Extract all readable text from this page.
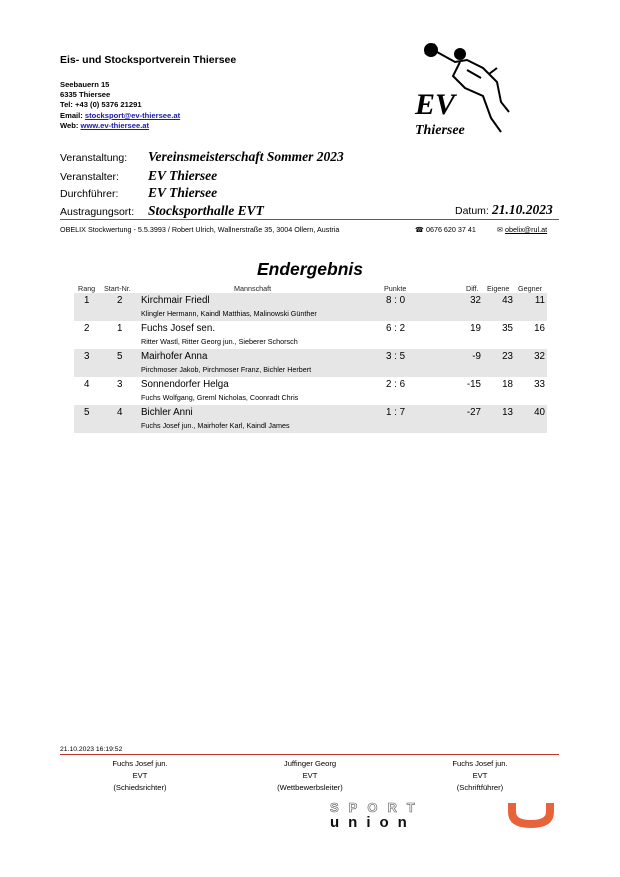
Eis- und Stocksportverein Thiersee
Seebauern 15
6335 Thiersee
Tel: +43 (0) 5376 21291
Email: stocksport@ev-thiersee.at
Web: www.ev-thiersee.at
EV
Thiersee
Veranstaltung: Vereinsmeisterschaft Sommer 2023
Veranstalter: EV Thiersee
Durchführer: EV Thiersee
Austragungsort: Stocksporthalle EVT	Datum: 21.10.2023
OBELIX Stockwertung - 5.5.3993 / Robert Ulrich, Wallnerstraße 35, 3004 Ollern, Austria	☎ 0676 620 37 41	✉ obelix@rul.at
Endergebnis
Rang Start-Nr.	Mannschaft	Punkte	Diff. Eigene Gegner
1	2 Kirchmair Friedl
Klingler Hermann, Kaindl Matthias, Malinowski Günther
8 : 0	32 43 11
2	1 Fuchs Josef sen.
Ritter Wastl, Ritter Georg jun., Sieberer Schorsch
6 : 2	19 35 16
3	5 Mairhofer Anna
Pirchmoser Jakob, Pirchmoser Franz, Bichler Herbert
3 : 5	-9 23 32
4	3 Sonnendorfer Helga
Fuchs Wolfgang, Greml Nicholas, Coonradt Chris
2 : 6	-15 18 33
5	4 Bichler Anni
Fuchs Josef jun., Mairhofer Karl, Kaindl James
1 : 7	-27 13 40
21.10.2023 16:19:52
Fuchs Josef jun.
EVT
(Schiedsrichter)
Juffinger Georg
EVT
(Wettbewerbsleiter)
Fuchs Josef jun.
EVT
(Schriftführer)
SPORT
union
